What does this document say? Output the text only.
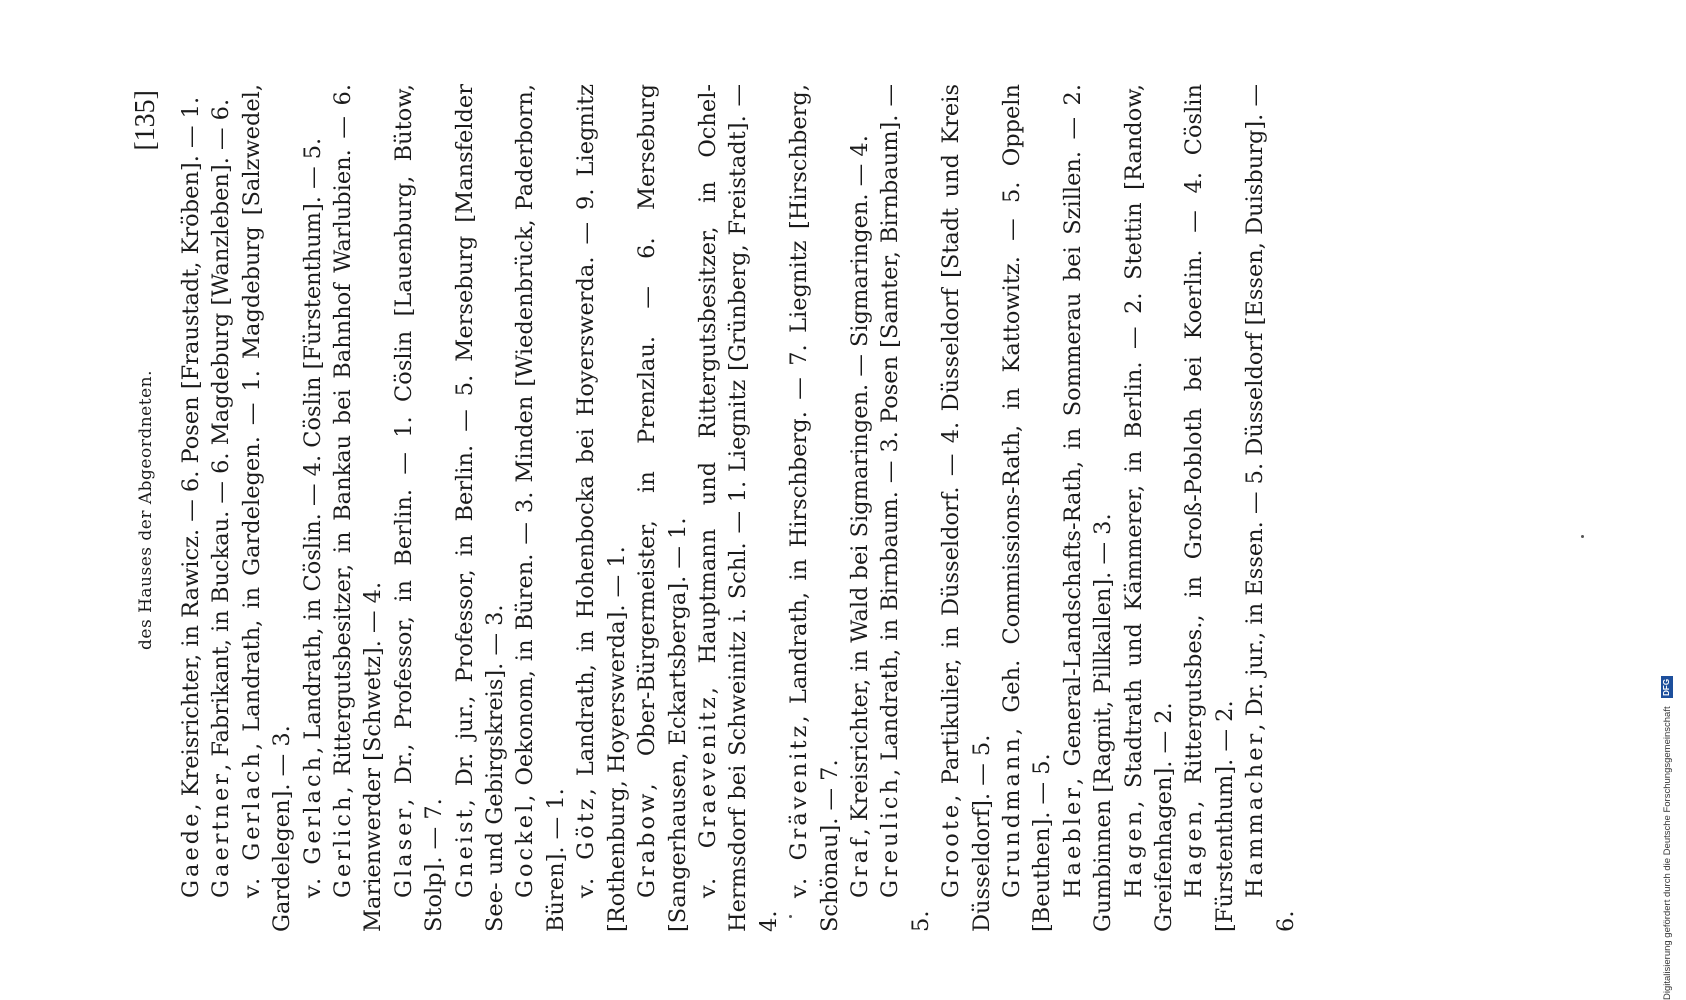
des Hauses der Abgeordneten.
[135]

Gaede, Kreisrichter, in Rawicz. — 6. Posen [Fraustadt, Kröben]. — 1.

Gaertner, Fabrikant, in Buckau. — 6. Magdeburg [Wanzleben]. — 6.

v. Gerlach, Landrath, in Gardelegen. — 1. Magdeburg [Salzwedel, Gardelegen]. — 3. v. Gerlach, Landrath, in Cöslin. — 4. Cöslin [Fürstenthum]. — 5.

Gerlich, Rittergutsbesitzer, in Bankau bei Bahnhof Warlubien. — 6. Marienwerder [Schwetz]. — 4. Glaser, Dr., Professor, in Berlin. — 1. Cöslin [Lauenburg, Bütow, Stolp]. — 7. Gneist, Dr. jur., Professor, in Berlin. — 5. Merseburg [Mansfelder See- und Gebirgskreis]. — 3. Gockel, Oekonom, in Büren. — 3. Minden [Wiedenbrück, Paderborn, Büren]. — 1. v. Götz, Landrath, in Hohenbocka bei Hoyerswerda. — 9. Liegnitz [Rothenburg, Hoyerswerda]. — 1. Grabow, Ober-Bürgermeister, in Prenzlau. — 6. Merseburg [Sangerhausen, Eckartsberga]. — 1. v. Graevenitz, Hauptmann und Rittergutsbesitzer, in Ochel-Hermsdorf bei Schweinitz i. Schl. — 1. Liegnitz [Grünberg, Freistadt]. — 4.

v. Grävenitz, Landrath, in Hirschberg. — 7. Liegnitz [Hirschberg, Schönau]. — 7. Graf, Kreisrichter, in Wald bei Sigmaringen. — Sigmaringen. — 4.

Greulich, Landrath, in Birnbaum. — 3. Posen [Samter, Birnbaum]. — 5.

Groote, Partikulier, in Düsseldorf. — 4. Düsseldorf [Stadt und Kreis Düsseldorf]. — 5. Grundmann, Geh. Commissions-Rath, in Kattowitz. — 5. Oppeln [Beuthen]. — 5. Haebler, General-Landschafts-Rath, in Sommerau bei Szillen. — 2. Gumbinnen [Ragnit, Pillkallen]. — 3. Hagen, Stadtrath und Kämmerer, in Berlin. — 2. Stettin [Randow, Greifenhagen]. — 2. Hagen, Rittergutsbes., in Groß-Pobloth bei Koerlin. — 4. Cöslin [Fürstenthum]. — 2. Hammacher, Dr. jur., in Essen. — 5. Düsseldorf [Essen, Duisburg]. — 6.	Digitalisierung gefördert durch die Deutsche Forschungsgemeinschaft
DFG
